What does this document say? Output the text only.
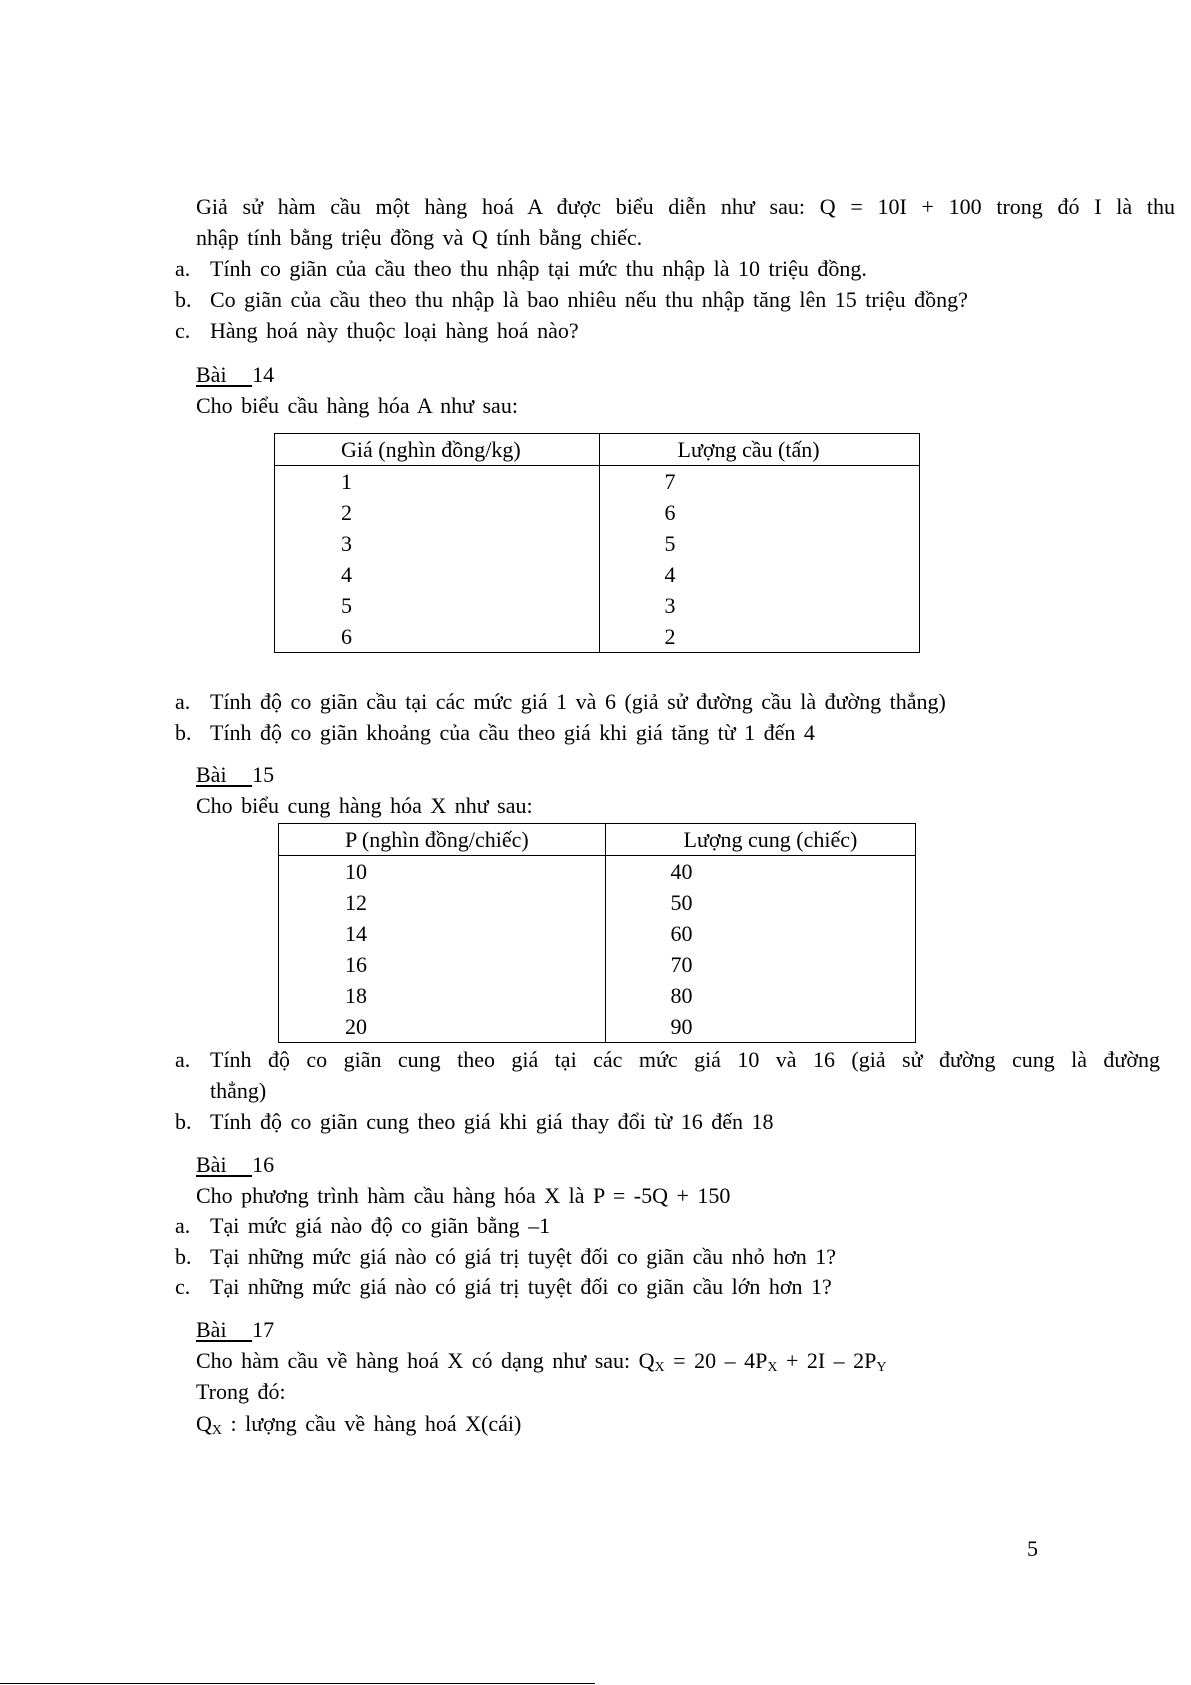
Giả sử hàm cầu một hàng hoá A được biểu diễn như sau: Q = 10I + 100 trong đó I là thu
nhập tính bằng triệu đồng và Q tính bằng chiếc.
a. Tính co giãn của cầu theo thu nhập tại mức thu nhập là 10 triệu đồng.
b. Co giãn của cầu theo thu nhập là bao nhiêu nếu thu nhập tăng lên 15 triệu đồng?
c. Hàng hoá này thuộc loại hàng hoá nào?
Bài 14
Cho biểu cầu hàng hóa A như sau:
Giá (nghìn đồng/kg)	Lượng cầu (tấn)
1	7
2	6
3	5
4	4
5	3
6	2
a. Tính độ co giãn cầu tại các mức giá 1 và 6 (giả sử đường cầu là đường thẳng)
b. Tính độ co giãn khoảng của cầu theo giá khi giá tăng từ 1 đến 4
Bài 15
Cho biểu cung hàng hóa X như sau:
P (nghìn đồng/chiếc)	Lượng cung (chiếc)
10	40
12	50
14	60
16	70
18	80
20	90
a. Tính độ co giãn cung theo giá tại các mức giá 10 và 16 (giả sử đường cung là đường
thẳng)
b. Tính độ co giãn cung theo giá khi giá thay đổi từ 16 đến 18
Bài 16
Cho phương trình hàm cầu hàng hóa X là P = -5Q + 150
a. Tại mức giá nào độ co giãn bằng –1
b. Tại những mức giá nào có giá trị tuyệt đối co giãn cầu nhỏ hơn 1?
c. Tại những mức giá nào có giá trị tuyệt đối co giãn cầu lớn hơn 1?
Bài 17
Cho hàm cầu về hàng hoá X có dạng như sau: $Q_X = 20 - 4P_X + 2I - 2P_Y$
Trong đó:
$Q_X$ : lượng cầu về hàng hoá X(cái)
5
